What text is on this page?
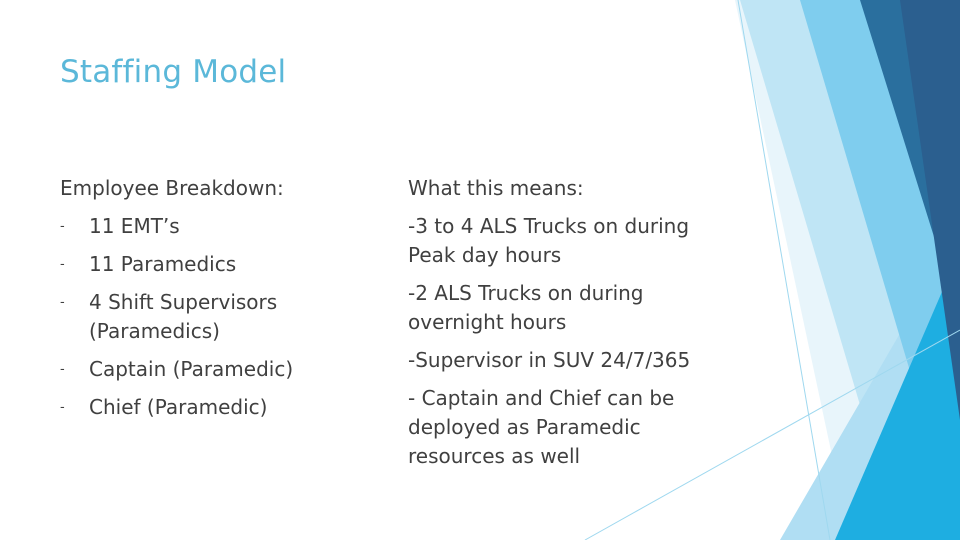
Staffing Model

Employee Breakdown:

- 11 EMT’s
- 11 Paramedics
- 4 Shift Supervisors (Paramedics)
- Captain (Paramedic)
- Chief (Paramedic)

What this means:

-3 to 4 ALS Trucks on during Peak day hours

-2 ALS Trucks on during overnight hours

-Supervisor in SUV 24/7/365

- Captain and Chief can be deployed as Paramedic resources as well
